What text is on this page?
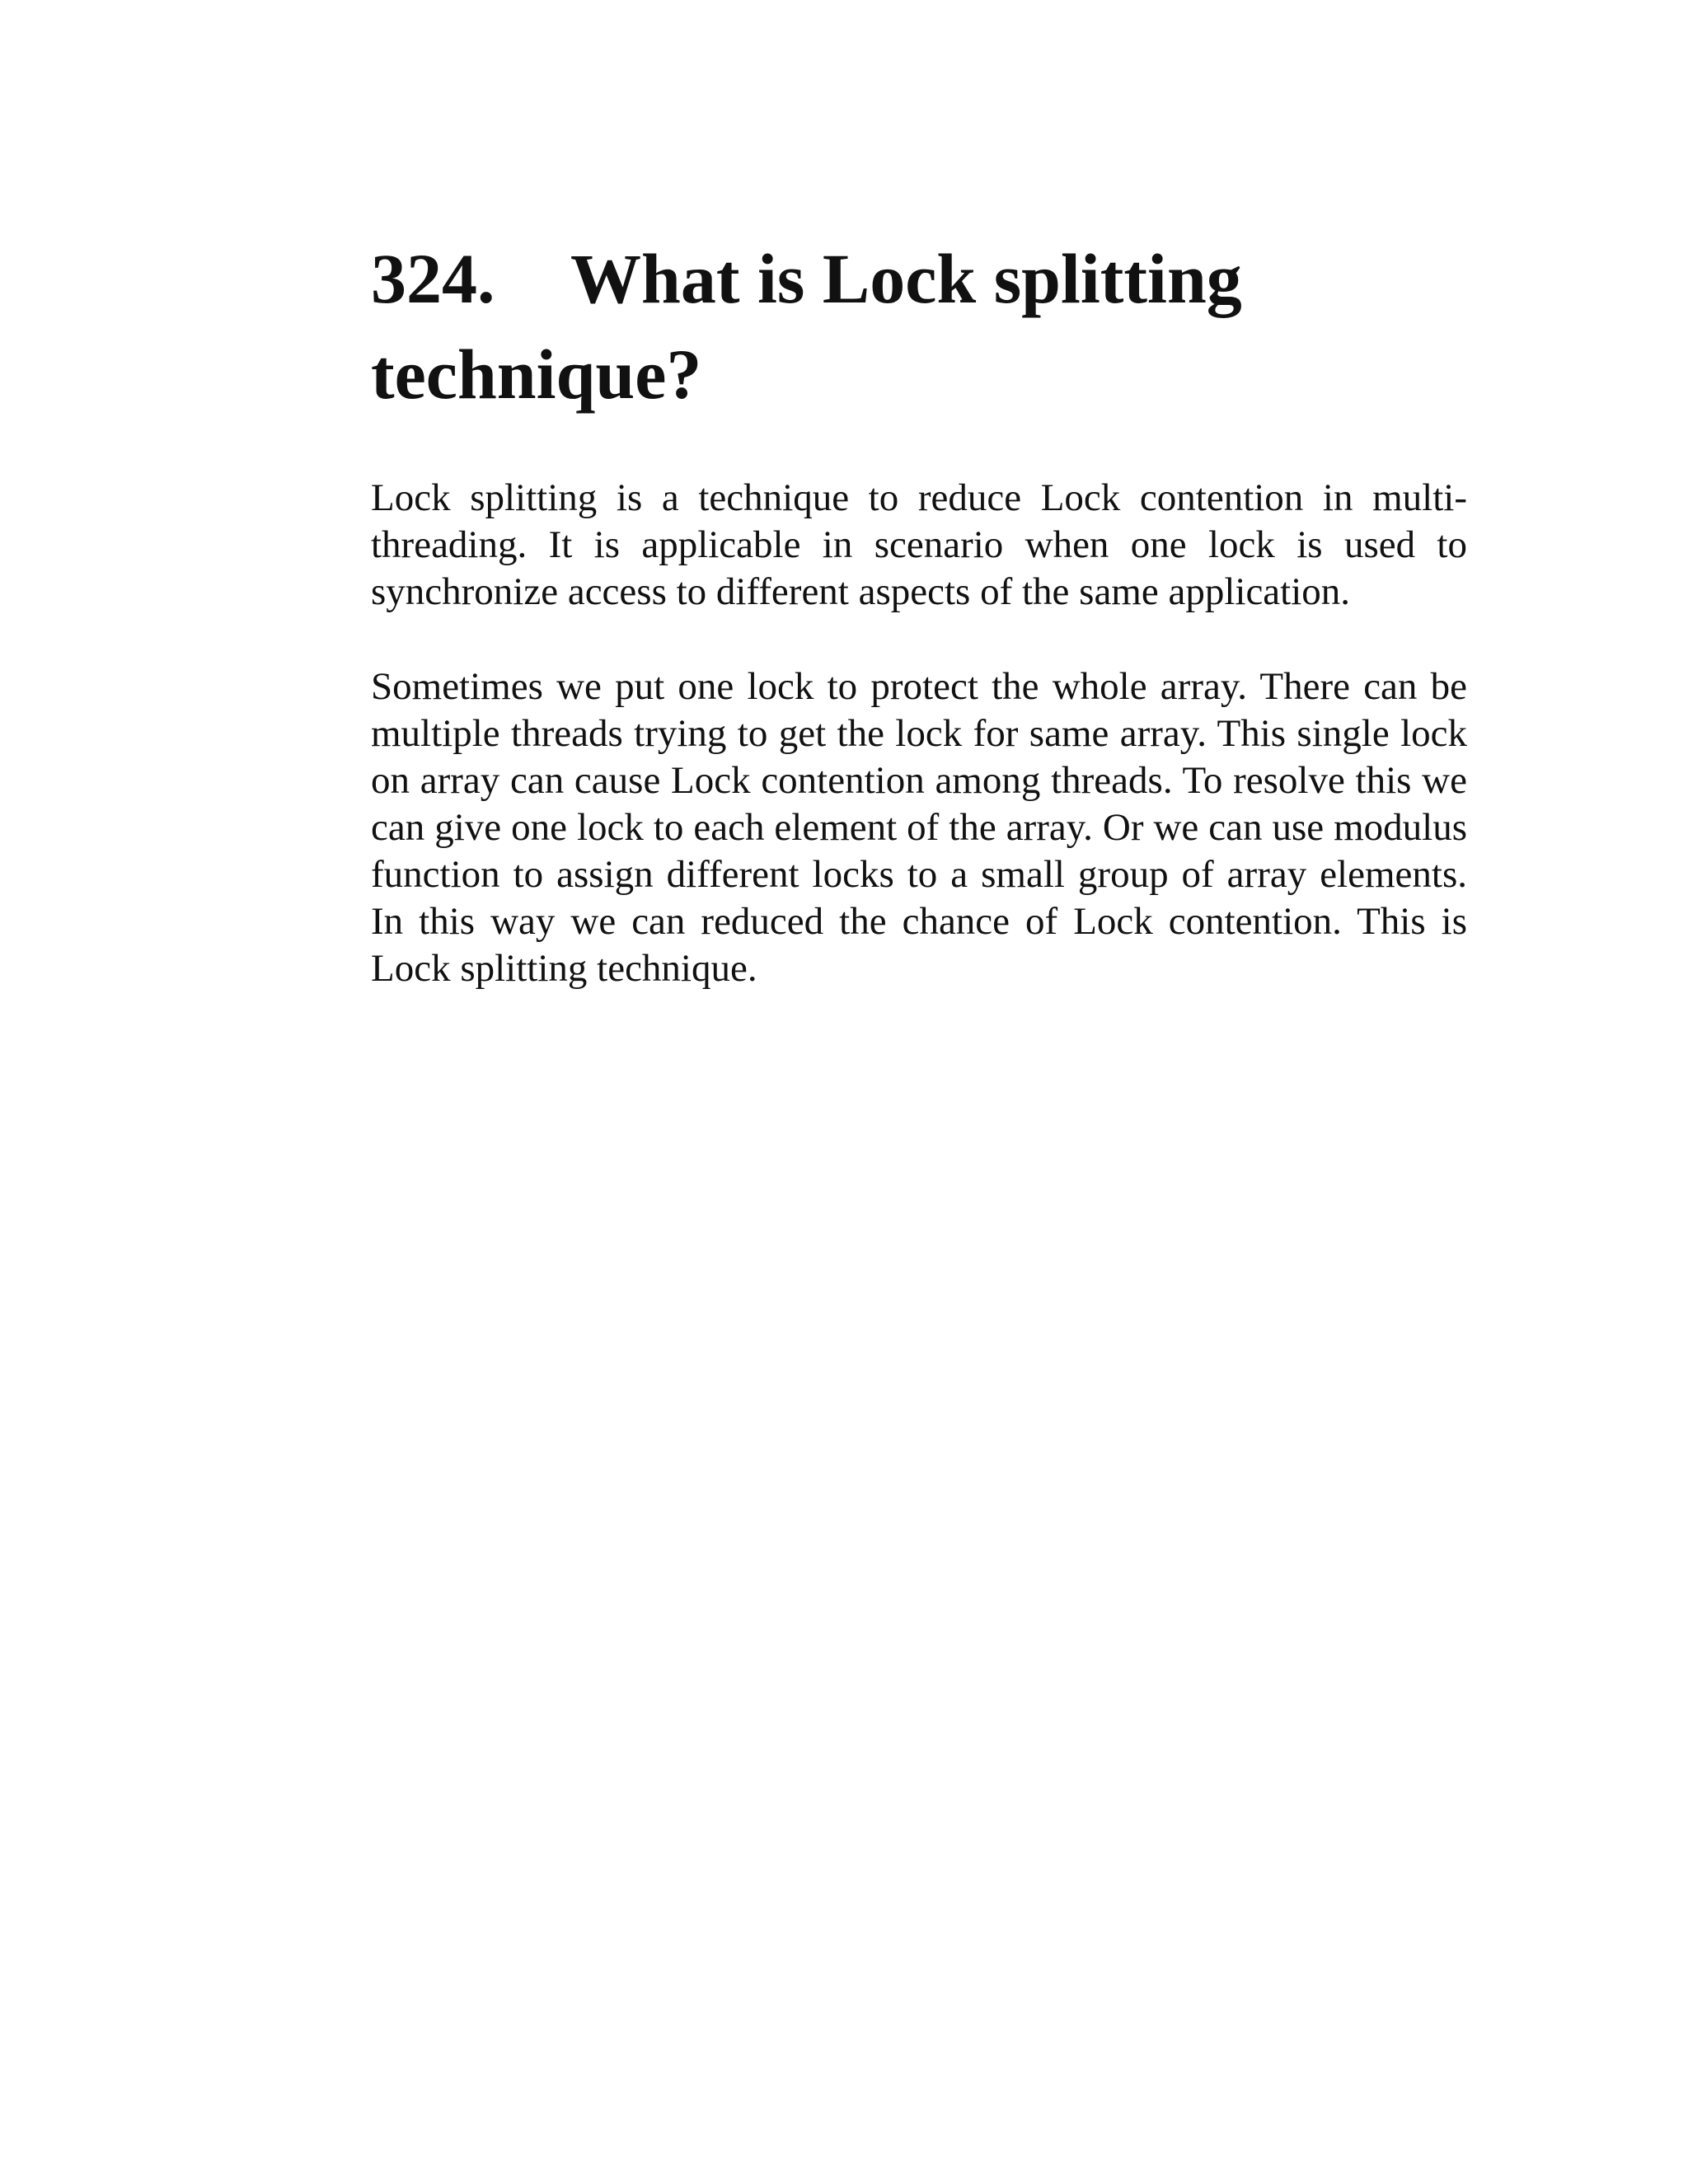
324. What is Lock splitting
technique?

Lock splitting is a technique to reduce Lock contention in multi-threading. It is applicable in scenario when one lock is used to synchronize access to different aspects of the same application.

Sometimes we put one lock to protect the whole array. There can be multiple threads trying to get the lock for same array. This single lock on array can cause Lock contention among threads. To resolve this we can give one lock to each element of the array. Or we can use modulus function to assign different locks to a small group of array elements. In this way we can reduced the chance of Lock contention. This is Lock splitting technique.
